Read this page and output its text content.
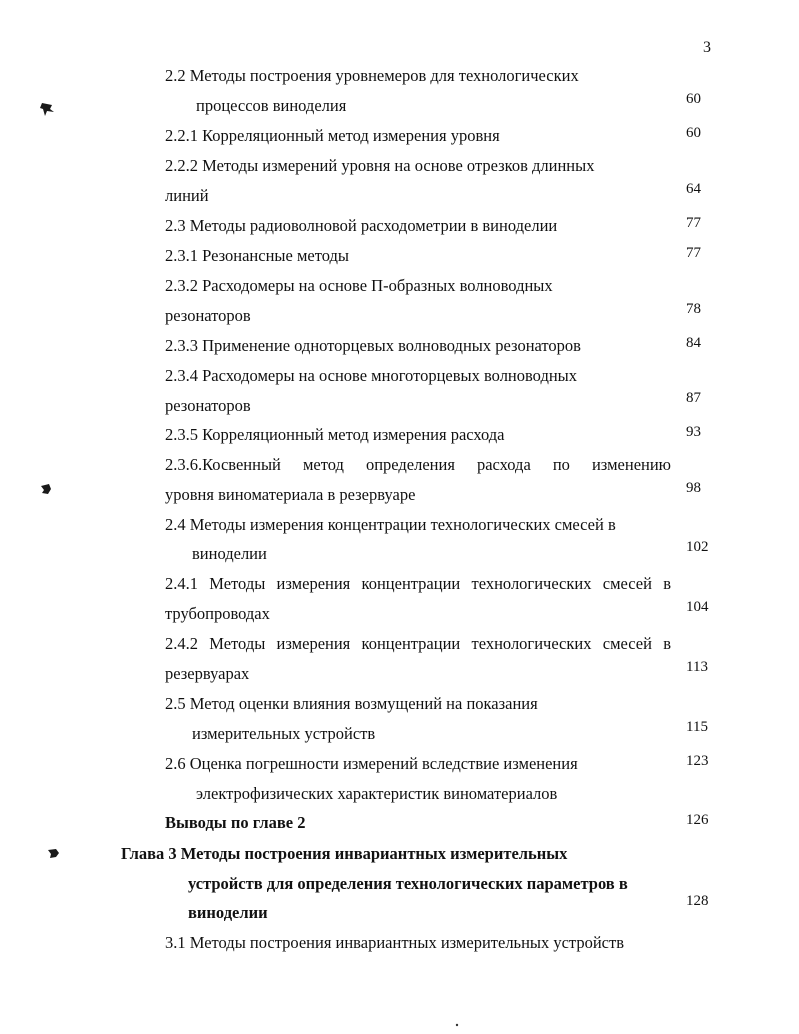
3
2.2 Методы построения уровнемеров для технологических
процессов виноделия	60
2.2.1 Корреляционный метод измерения уровня	60
2.2.2 Методы измерений уровня на основе отрезков длинных
линий	64
2.3 Методы радиоволновой расходометрии в виноделии	77
2.3.1 Резонансные методы	77
2.3.2 Расходомеры на основе П-образных волноводных
резонаторов	78
2.3.3 Применение одноторцевых волноводных резонаторов	84
2.3.4 Расходомеры на основе многоторцевых волноводных
резонаторов	87
2.3.5 Корреляционный метод измерения расхода	93
2.3.6.Косвенный метод определения расхода по изменению
уровня виноматериала в резервуаре	98
2.4 Методы измерения концентрации технологических смесей в
виноделии	102
2.4.1 Методы измерения концентрации технологических смесей в
трубопроводах	104
2.4.2 Методы измерения концентрации технологических смесей в
резервуарах	113
2.5 Метод оценки влияния возмущений на показания
измерительных устройств	115
2.6 Оценка погрешности измерений вследствие изменения
электрофизических характеристик виноматериалов
123
Выводы по главе 2	126
Глава 3 Методы построения инвариантных измерительных
устройств для определения технологических параметров в
виноделии
128
3.1 Методы построения инвариантных измерительных устройств
